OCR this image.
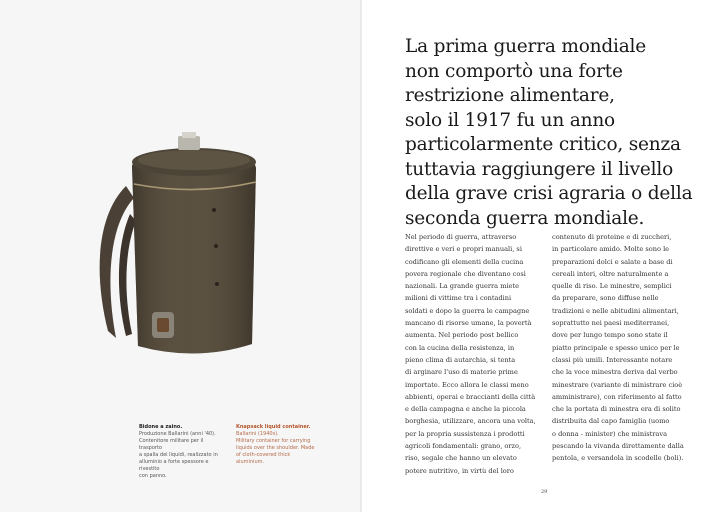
Bidone a zaino.
Produzione Ballarini (anni '40).
Contenitore militare per il trasporto
a spalla dei liquidi, realizzato in
alluminio a forte spessore e rivestito
con panno.
Knapsack liquid container.
Ballarini (1940s).
Military container for carrying
liquids over the shoulder. Made
of cloth-covered thick aluminium.
La prima guerra mondiale
non comportò una forte
restrizione alimentare,
solo il 1917 fu un anno
particolarmente critico, senza
tuttavia raggiungere il livello
della grave crisi agraria o della
seconda guerra mondiale.
Nel periodo di guerra, attraverso
direttive e veri e propri manuali, si
codificano gli elementi della cucina
povera regionale che diventano così
nazionali. La grande guerra miete
milioni di vittime tra i contadini
soldati e dopo la guerra le campagne
mancano di risorse umane, la povertà
aumenta. Nel periodo post bellico
con la cucina della resistenza, in
pieno clima di autarchia, si tenta
di arginare l'uso di materie prime
importate. Ecco allora le classi meno
abbienti, operai e braccianti della città
e della campagna e anche la piccola
borghesia, utilizzare, ancora una volta,
per la propria sussistenza i prodotti
agricoli fondamentali: grano, orzo,
riso, segale che hanno un elevato
potere nutritivo, in virtù del loro
contenuto di proteine e di zuccheri,
in particolare amido. Molte sono le
preparazioni dolci e salate a base di
cereali interi, oltre naturalmente a
quelle di riso. Le minestre, semplici
da preparare, sono diffuse nelle
tradizioni e nelle abitudini alimentari,
soprattutto nei paesi mediterranei,
dove per lungo tempo sono state il
piatto principale e spesso unico per le
classi più umili. Interessante notare
che la voce minestra deriva dal verbo
minestrare (variante di ministrare cioè
amministrare), con riferimento al fatto
che la portata di minestra era di solito
distribuita dal capo famiglia (uomo
o donna - minister) che ministrava
pescando la vivanda direttamente dalla
pentola, e versandola in scodelle (boli).
29
